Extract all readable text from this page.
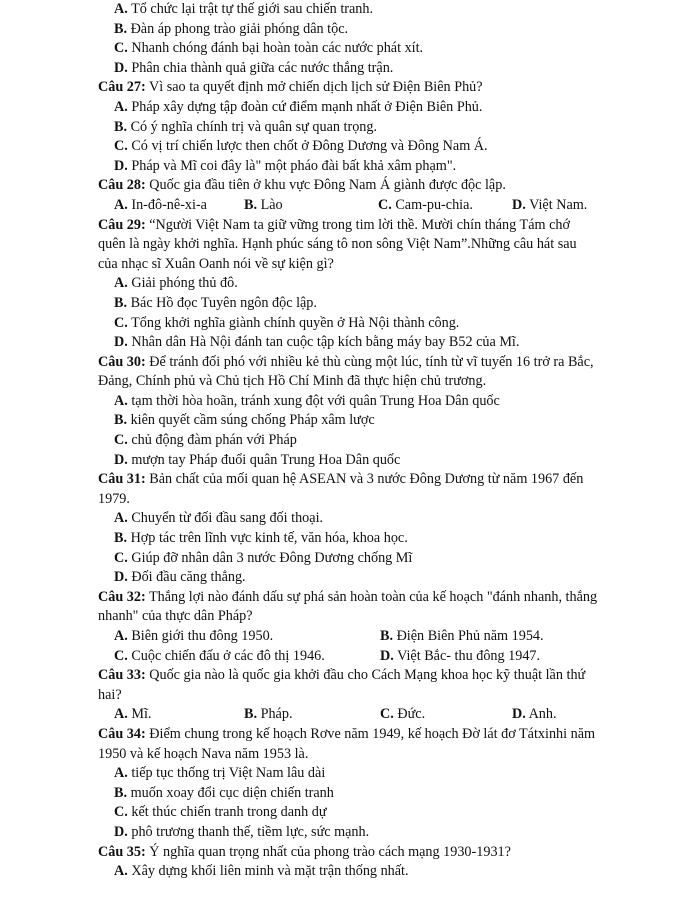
A. Tổ chức lại trật tự thế giới sau chiến tranh.
B. Đàn áp phong trào giải phóng dân tộc.
C. Nhanh chóng đánh bại hoàn toàn các nước phát xít.
D. Phân chia thành quả giữa các nước thắng trận.
Câu 27: Vì sao ta quyết định mở chiến dịch lịch sử Điện Biên Phủ?
A. Pháp xây dựng tập đoàn cứ điểm mạnh nhất ở Điện Biên Phủ.
B. Có ý nghĩa chính trị và quân sự quan trọng.
C. Có vị trí chiến lược then chốt ở Đông Dương và Đông Nam Á.
D. Pháp và Mĩ coi đây là" một pháo đài bất khả xâm phạm".
Câu 28: Quốc gia đầu tiên ở khu vực Đông Nam Á giành được độc lập.
A. In-đô-nê-xi-a	B. Lào	C. Cam-pu-chia.	D. Việt Nam.
Câu 29: “Người Việt Nam ta giữ vững trong tim lời thề. Mười chín tháng Tám chớ
quên là ngày khởi nghĩa. Hạnh phúc sáng tô non sông Việt Nam”.Những câu hát sau
của nhạc sĩ Xuân Oanh nói về sự kiện gì?
A. Giải phóng thủ đô.
B. Bác Hồ đọc Tuyên ngôn độc lập.
C. Tổng khởi nghĩa giành chính quyền ở Hà Nội thành công.
D. Nhân dân Hà Nội đánh tan cuộc tập kích bằng máy bay B52 của Mĩ.
Câu 30: Để tránh đối phó với nhiều kẻ thù cùng một lúc, tính từ vĩ tuyến 16 trở ra Bắc,
Đảng, Chính phủ và Chủ tịch Hồ Chí Minh đã thực hiện chủ trương.
A. tạm thời hòa hoãn, tránh xung đột với quân Trung Hoa Dân quốc
B. kiên quyết cầm súng chống Pháp xâm lược
C. chủ động đàm phán với Pháp
D. mượn tay Pháp đuổi quân Trung Hoa Dân quốc
Câu 31: Bản chất của mối quan hệ ASEAN và 3 nước Đông Dương từ năm 1967 đến
1979.
A. Chuyển từ đối đầu sang đối thoại.
B. Hợp tác trên lĩnh vực kinh tế, văn hóa, khoa học.
C. Giúp đỡ nhân dân 3 nước Đông Dương chống Mĩ
D. Đối đầu căng thẳng.
Câu 32: Thắng lợi nào đánh dấu sự phá sản hoàn toàn của kế hoạch "đánh nhanh, thắng
nhanh" của thực dân Pháp?
A. Biên giới thu đông 1950.	B. Điện Biên Phủ năm 1954.
C. Cuộc chiến đấu ở các đô thị 1946.	D. Việt Bắc- thu đông 1947.
Câu 33: Quốc gia nào là quốc gia khởi đầu cho Cách Mạng khoa học kỹ thuật lần thứ
hai?
A. Mĩ.	B. Pháp.	C. Đức.	D. Anh.
Câu 34: Điểm chung trong kế hoạch Rơve năm 1949, kế hoạch Đờ lát đơ Tátxinhi năm
1950 và kế hoạch Nava năm 1953 là.
A. tiếp tục thống trị Việt Nam lâu dài
B. muốn xoay đổi cục diện chiến tranh
C. kết thúc chiến tranh trong danh dự
D. phô trương thanh thế, tiềm lực, sức mạnh.
Câu 35: Ý nghĩa quan trọng nhất của phong trào cách mạng 1930-1931?
A. Xây dựng khối liên minh và mặt trận thống nhất.
